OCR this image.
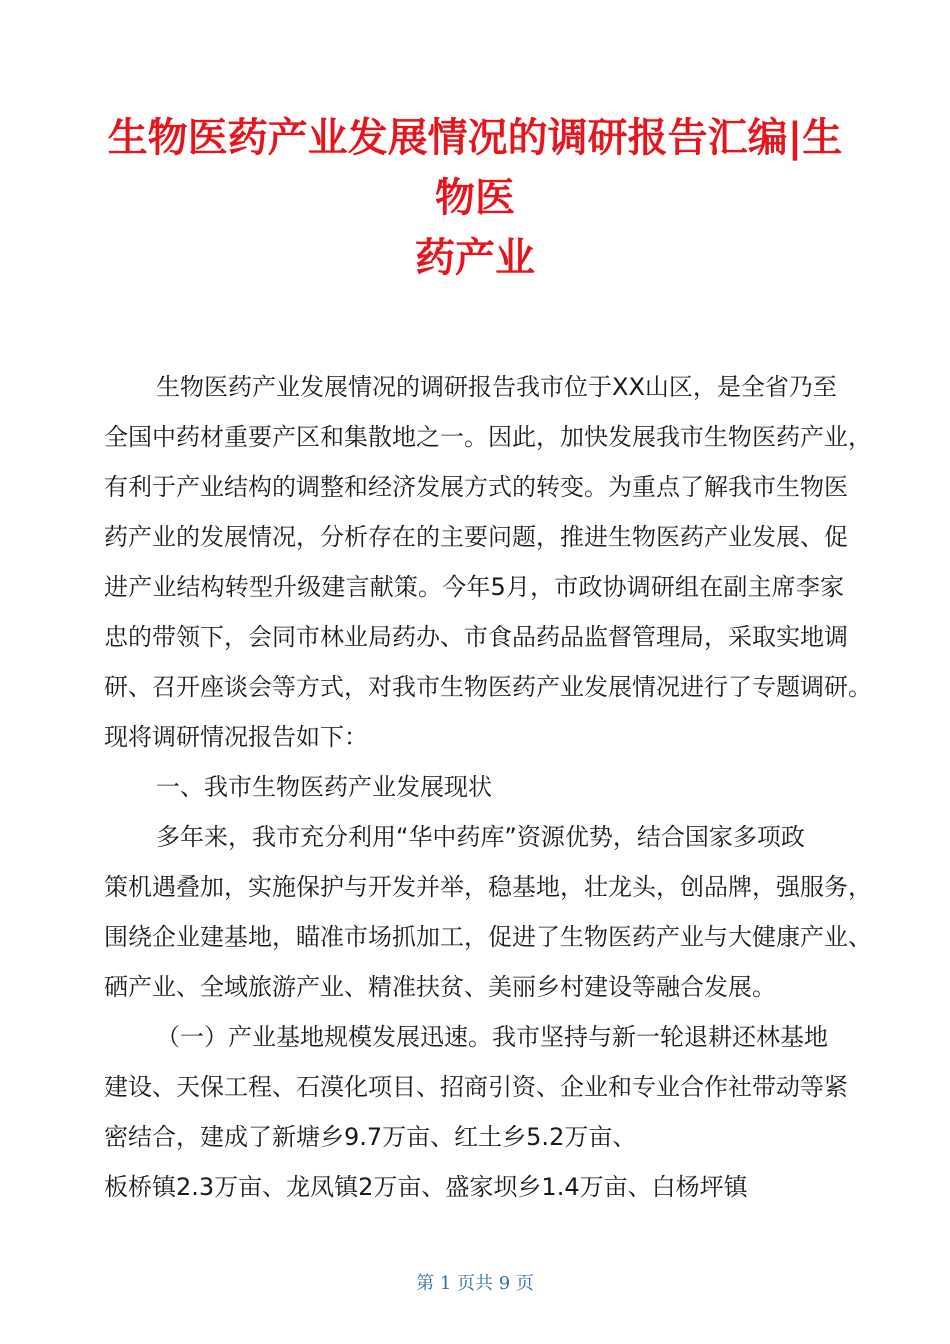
生物医药产业发展情况的调研报告汇编|生
物医
药产业
生物医药产业发展情况的调研报告我市位于XX山区，是全省乃至
全国中药材重要产区和集散地之一。因此，加快发展我市生物医药产业，
有利于产业结构的调整和经济发展方式的转变。为重点了解我市生物医
药产业的发展情况，分析存在的主要问题，推进生物医药产业发展、促
进产业结构转型升级建言献策。今年5月，市政协调研组在副主席李家
忠的带领下，会同市林业局药办、市食品药品监督管理局，采取实地调
研、召开座谈会等方式，对我市生物医药产业发展情况进行了专题调研。
现将调研情况报告如下：
一、我市生物医药产业发展现状
多年来，我市充分利用“华中药库”资源优势，结合国家多项政
策机遇叠加，实施保护与开发并举，稳基地，壮龙头，创品牌，强服务，
围绕企业建基地，瞄准市场抓加工，促进了生物医药产业与大健康产业、
硒产业、全域旅游产业、精准扶贫、美丽乡村建设等融合发展。
（一）产业基地规模发展迅速。我市坚持与新一轮退耕还林基地
建设、天保工程、石漠化项目、招商引资、企业和专业合作社带动等紧
密结合，建成了新塘乡9.7万亩、红土乡5.2万亩、
板桥镇2.3万亩、龙凤镇2万亩、盛家坝乡1.4万亩、白杨坪镇
第 1 页共 9 页
